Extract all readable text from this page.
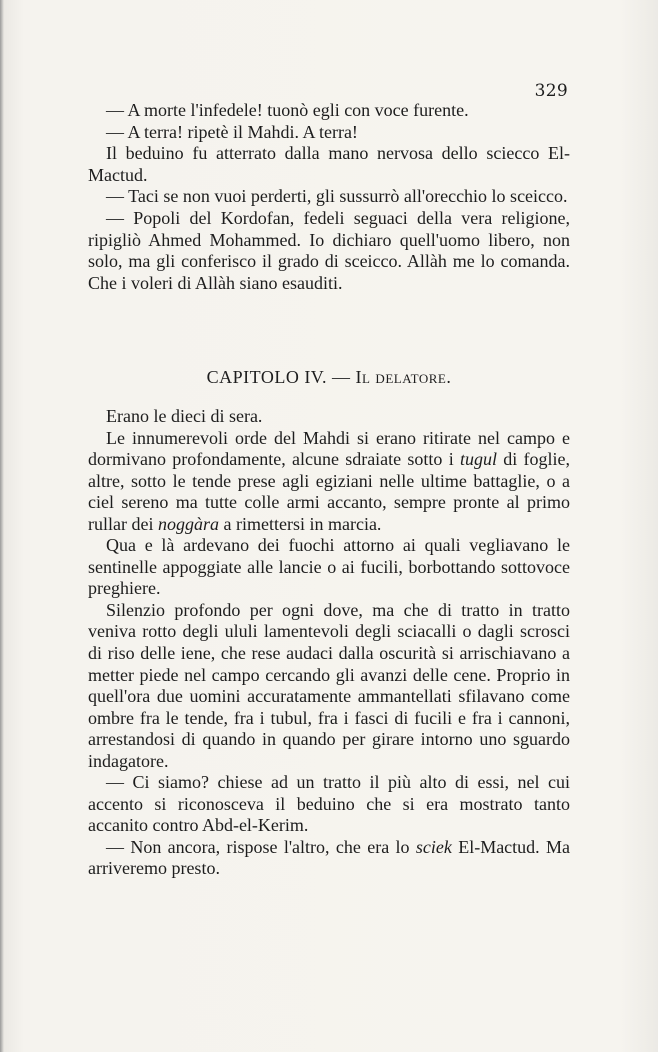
329

— A morte l'infedele! tuonò egli con voce furente.

— A terra! ripetè il Mahdi. A terra!

Il beduino fu atterrato dalla mano nervosa dello sciecco El-Mactud.

— Taci se non vuoi perderti, gli sussurrò all'orecchio lo sceicco.

— Popoli del Kordofan, fedeli seguaci della vera religione, ripigliò Ahmed Mohammed. Io dichiaro quell'uomo libero, non solo, ma gli conferisco il grado di sceicco. Allàh me lo comanda. Che i voleri di Allàh siano esauditi.

CAPITOLO IV. — Il delatore.

Erano le dieci di sera.

Le innumerevoli orde del Mahdi si erano ritirate nel campo e dormivano profondamente, alcune sdraiate sotto i tugul di foglie, altre, sotto le tende prese agli egiziani nelle ultime battaglie, o a ciel sereno ma tutte colle armi accanto, sempre pronte al primo rullar dei noggàra a rimettersi in marcia.

Qua e là ardevano dei fuochi attorno ai quali vegliavano le sentinelle appoggiate alle lancie o ai fucili, borbottando sottovoce preghiere.

Silenzio profondo per ogni dove, ma che di tratto in tratto veniva rotto degli ululi lamentevoli degli sciacalli o dagli scrosci di riso delle iene, che rese audaci dalla oscurità si arrischiavano a metter piede nel campo cercando gli avanzi delle cene. Proprio in quell'ora due uomini accuratamente ammantellati sfilavano come ombre fra le tende, fra i tubul, fra i fasci di fucili e fra i cannoni, arrestandosi di quando in quando per girare intorno uno sguardo indagatore.

— Ci siamo? chiese ad un tratto il più alto di essi, nel cui accento si riconosceva il beduino che si era mostrato tanto accanito contro Abd-el-Kerim.

— Non ancora, rispose l'altro, che era lo sciek El-Mactud. Ma arriveremo presto.
